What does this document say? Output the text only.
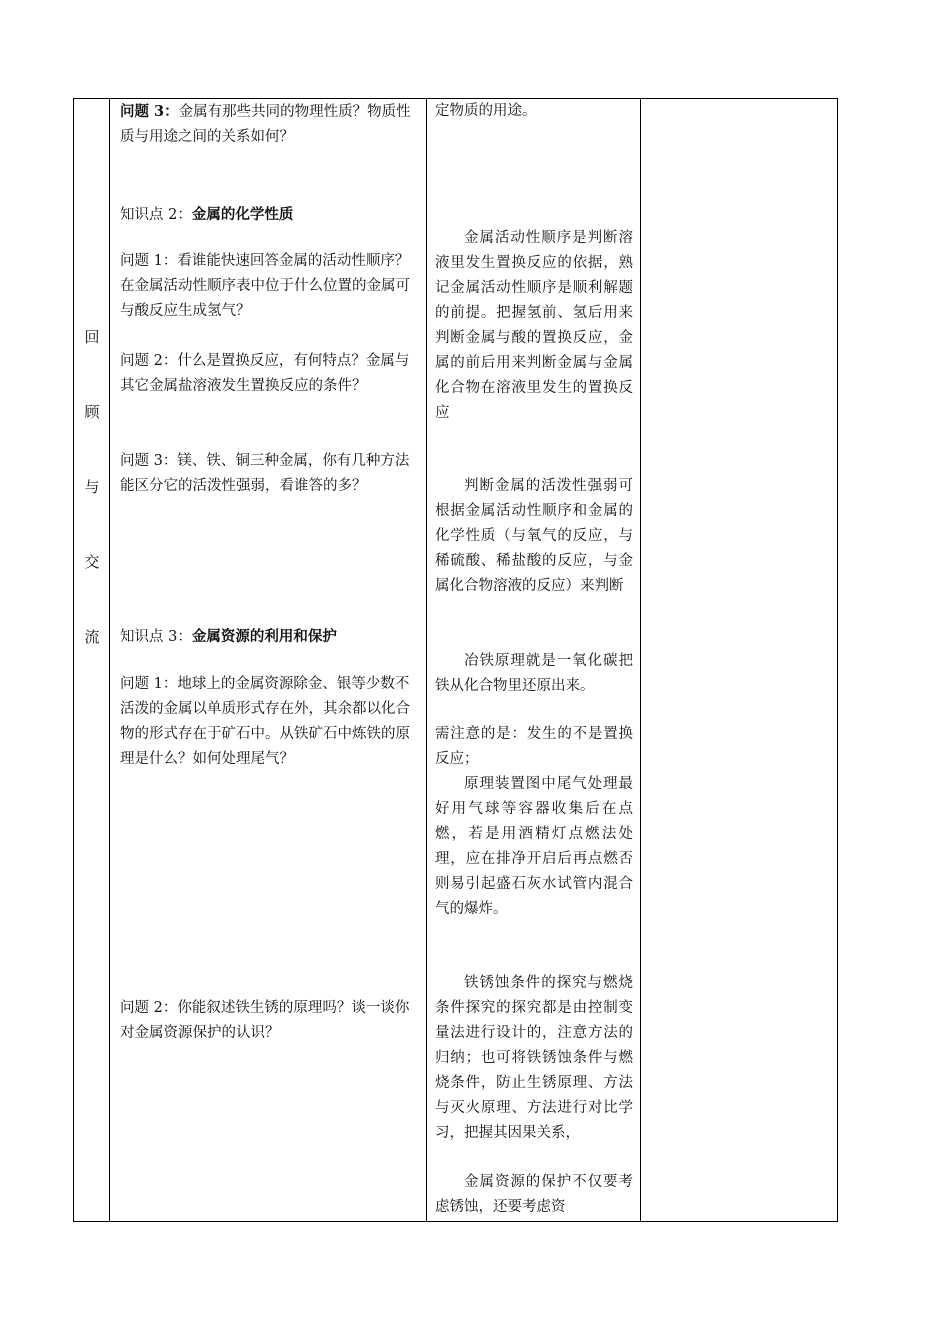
回
顾
与
交
流
问题 3：金属有那些共同的物理性质？物质性质与用途之间的关系如何？
知识点 2：金属的化学性质
问题 1：看谁能快速回答金属的活动性顺序？在金属活动性顺序表中位于什么位置的金属可与酸反应生成氢气？
问题 2：什么是置换反应，有何特点？金属与其它金属盐溶液发生置换反应的条件？
问题 3：镁、铁、铜三种金属，你有几种方法能区分它的活泼性强弱，看谁答的多？
知识点 3：金属资源的利用和保护
问题 1：地球上的金属资源除金、银等少数不活泼的金属以单质形式存在外，其余都以化合物的形式存在于矿石中。从铁矿石中炼铁的原理是什么？如何处理尾气？
问题 2：你能叙述铁生锈的原理吗？谈一谈你对金属资源保护的认识？
定物质的用途。
金属活动性顺序是判断溶液里发生置换反应的依据，熟记金属活动性顺序是顺利解题的前提。把握氢前、氢后用来判断金属与酸的置换反应，金属的前后用来判断金属与金属化合物在溶液里发生的置换反应
判断金属的活泼性强弱可根据金属活动性顺序和金属的化学性质（与氧气的反应，与稀硫酸、稀盐酸的反应，与金属化合物溶液的反应）来判断
冶铁原理就是一氧化碳把铁从化合物里还原出来。
需注意的是：发生的不是置换反应；
原理装置图中尾气处理最好用气球等容器收集后在点燃，若是用酒精灯点燃法处理，应在排净开启后再点燃否则易引起盛石灰水试管内混合气的爆炸。
铁锈蚀条件的探究与燃烧条件探究的探究都是由控制变量法进行设计的，注意方法的归纳；也可将铁锈蚀条件与燃烧条件，防止生锈原理、方法与灭火原理、方法进行对比学习，把握其因果关系，
金属资源的保护不仅要考虑锈蚀，还要考虑资
